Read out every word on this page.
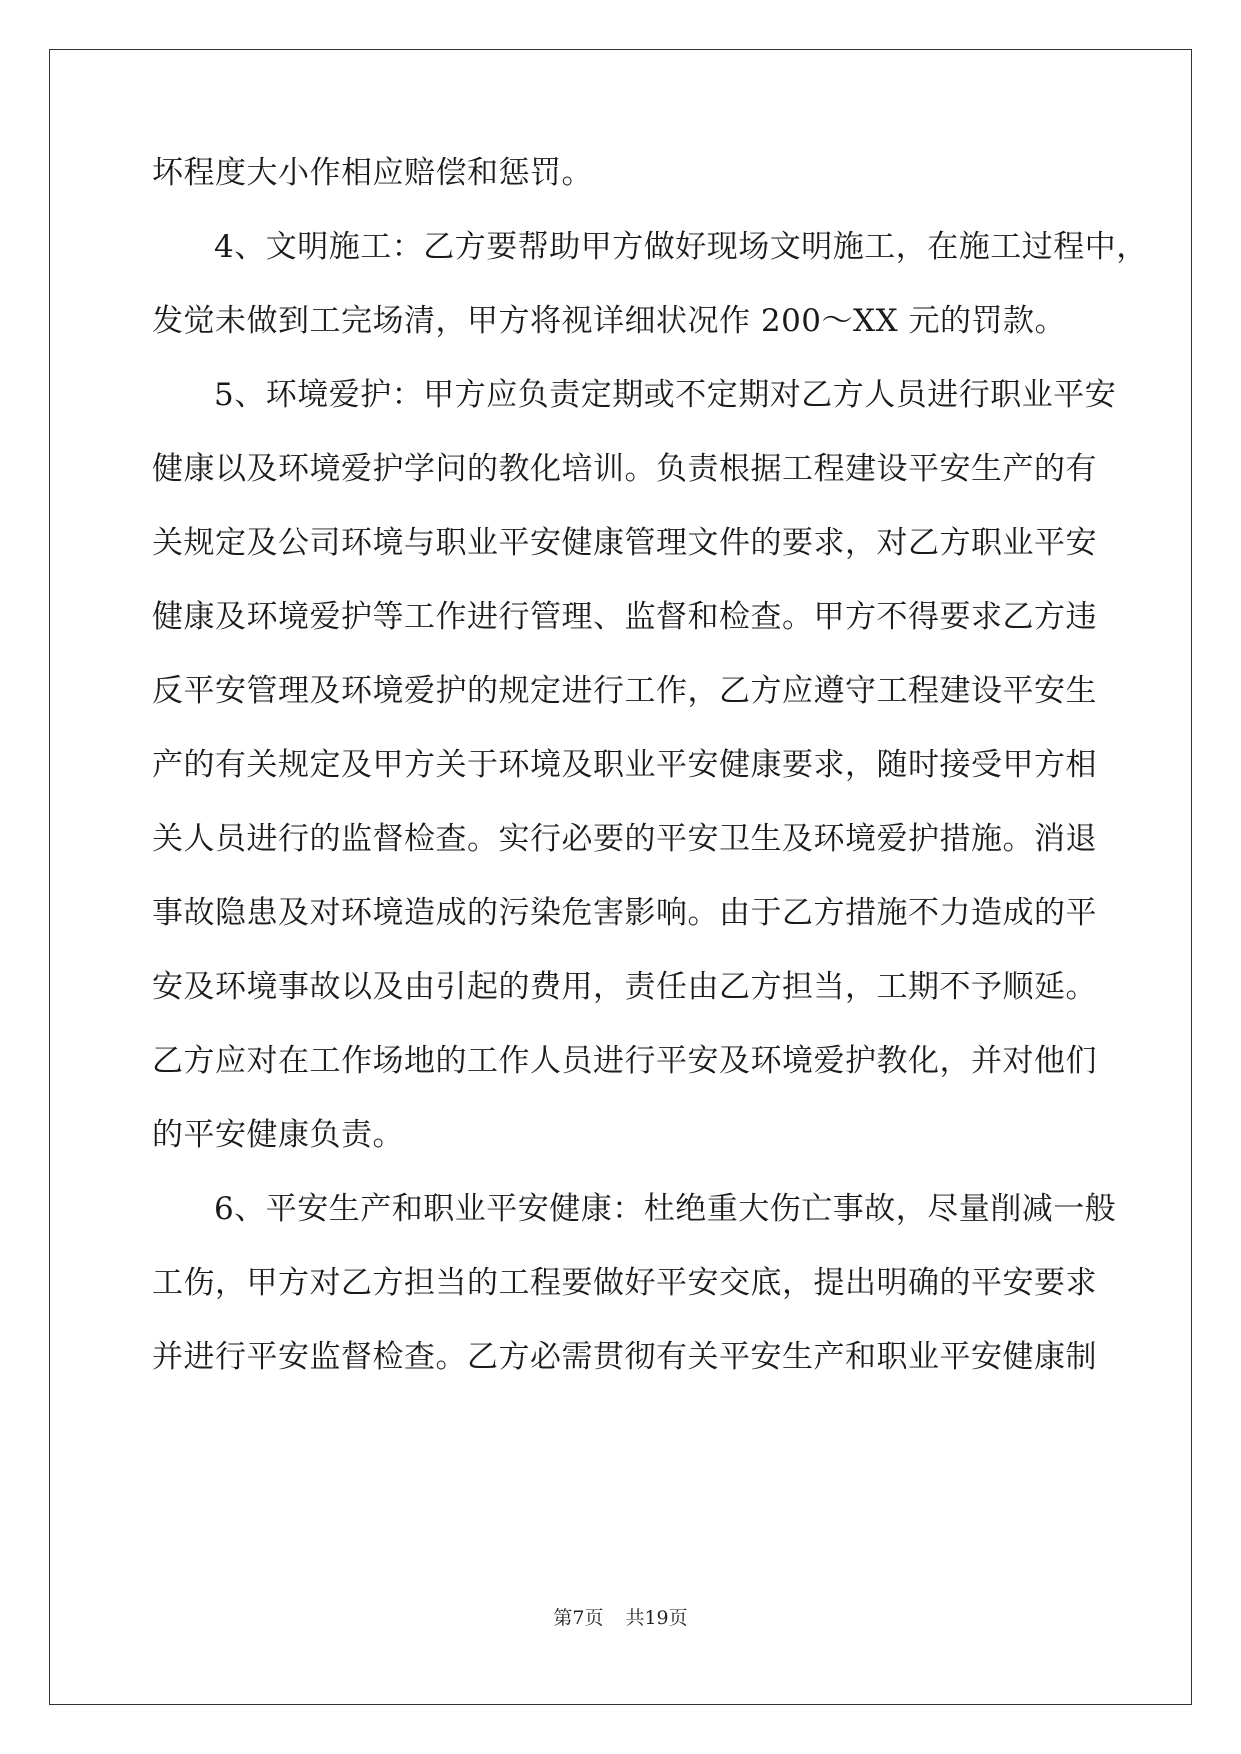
坏程度大小作相应赔偿和惩罚。
4、文明施工：乙方要帮助甲方做好现场文明施工，在施工过程中，
发觉未做到工完场清，甲方将视详细状况作 200～XX 元的罚款。
5、环境爱护：甲方应负责定期或不定期对乙方人员进行职业平安
健康以及环境爱护学问的教化培训。负责根据工程建设平安生产的有
关规定及公司环境与职业平安健康管理文件的要求，对乙方职业平安
健康及环境爱护等工作进行管理、监督和检查。甲方不得要求乙方违
反平安管理及环境爱护的规定进行工作，乙方应遵守工程建设平安生
产的有关规定及甲方关于环境及职业平安健康要求，随时接受甲方相
关人员进行的监督检查。实行必要的平安卫生及环境爱护措施。消退
事故隐患及对环境造成的污染危害影响。由于乙方措施不力造成的平
安及环境事故以及由引起的费用，责任由乙方担当，工期不予顺延。
乙方应对在工作场地的工作人员进行平安及环境爱护教化，并对他们
的平安健康负责。
6、平安生产和职业平安健康：杜绝重大伤亡事故，尽量削减一般
工伤，甲方对乙方担当的工程要做好平安交底，提出明确的平安要求
并进行平安监督检查。乙方必需贯彻有关平安生产和职业平安健康制
第7页 共19页
